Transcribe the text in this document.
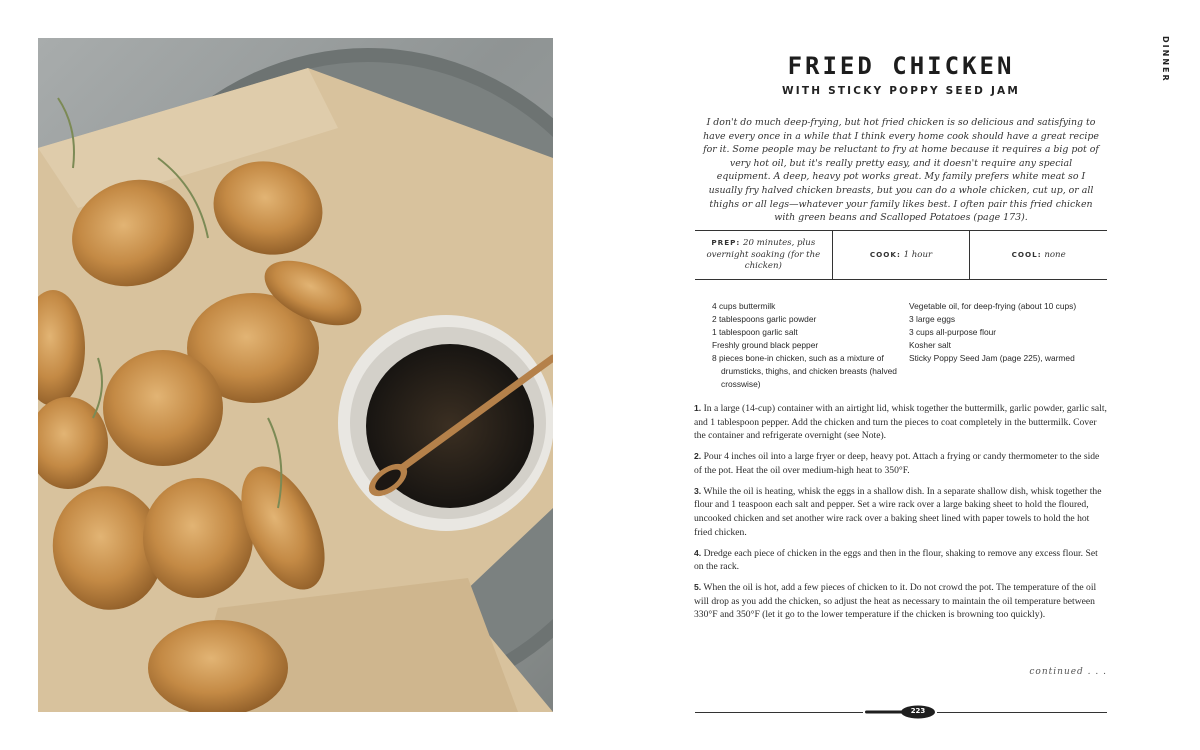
DINNER
FRIED CHICKEN
WITH STICKY POPPY SEED JAM

I don't do much deep-frying, but hot fried chicken is so delicious and satisfying to have every once in a while that I think every home cook should have a great recipe for it. Some people may be reluctant to fry at home because it requires a big pot of very hot oil, but it's really pretty easy, and it doesn't require any special equipment. A deep, heavy pot works great. My family prefers white meat so I usually fry halved chicken breasts, but you can do a whole chicken, cut up, or all thighs or all legs—whatever your family likes best. I often pair this fried chicken with green beans and Scalloped Potatoes (page 173).

PREP: 20 minutes, plus overnight soaking (for the chicken)
COOK: 1 hour	COOL: none
4 cups buttermilk
2 tablespoons garlic powder
1 tablespoon garlic salt
Freshly ground black pepper
8 pieces bone-in chicken, such as a mixture of drumsticks, thighs, and chicken breasts (halved crosswise)
Vegetable oil, for deep-frying (about 10 cups)
3 large eggs
3 cups all-purpose flour
Kosher salt
Sticky Poppy Seed Jam (page 225), warmed

1. In a large (14-cup) container with an airtight lid, whisk together the buttermilk, garlic powder, garlic salt, and 1 tablespoon pepper. Add the chicken and turn the pieces to coat completely in the buttermilk. Cover the container and refrigerate overnight (see Note).

2. Pour 4 inches oil into a large fryer or deep, heavy pot. Attach a frying or candy thermometer to the side of the pot. Heat the oil over medium-high heat to 350°F.

3. While the oil is heating, whisk the eggs in a shallow dish. In a separate shallow dish, whisk together the flour and 1 teaspoon each salt and pepper. Set a wire rack over a large baking sheet to hold the floured, uncooked chicken and set another wire rack over a baking sheet lined with paper towels to hold the hot fried chicken.

4. Dredge each piece of chicken in the eggs and then in the flour, shaking to remove any excess flour. Set on the rack.

5. When the oil is hot, add a few pieces of chicken to it. Do not crowd the pot. The temperature of the oil will drop as you add the chicken, so adjust the heat as necessary to maintain the oil temperature between 330°F and 350°F (let it go to the lower temperature if the chicken is browning too quickly).

continued . . .
223
